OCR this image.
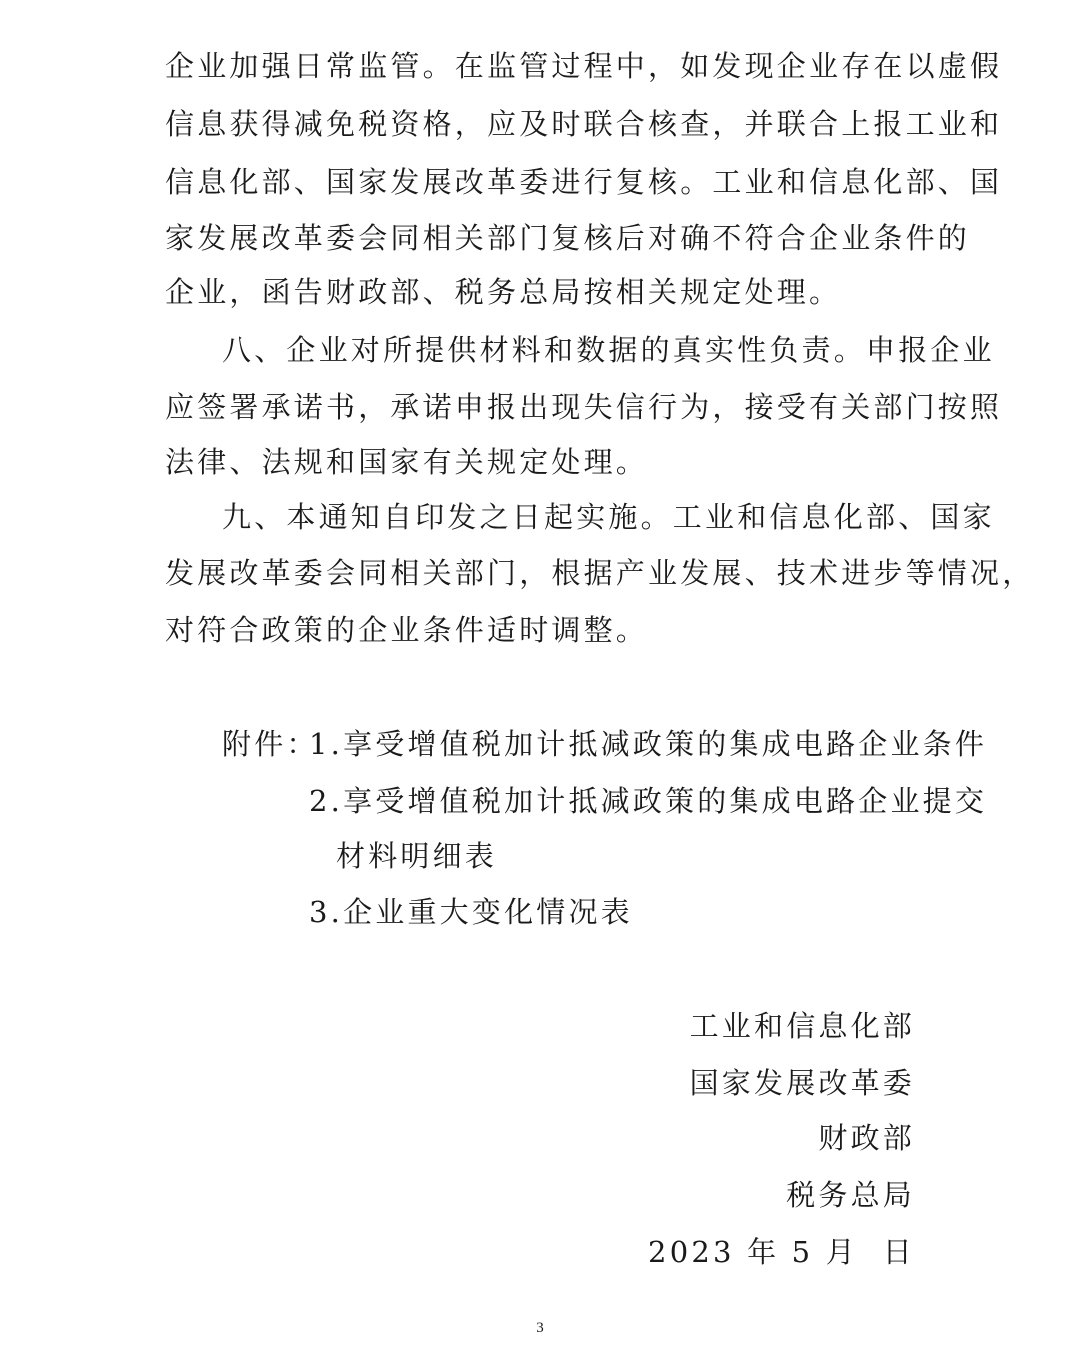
企业加强日常监管。在监管过程中，如发现企业存在以虚假
信息获得减免税资格，应及时联合核查，并联合上报工业和
信息化部、国家发展改革委进行复核。工业和信息化部、国
家发展改革委会同相关部门复核后对确不符合企业条件的
企业，函告财政部、税务总局按相关规定处理。
八、企业对所提供材料和数据的真实性负责。申报企业
应签署承诺书，承诺申报出现失信行为，接受有关部门按照
法律、法规和国家有关规定处理。
九、本通知自印发之日起实施。工业和信息化部、国家
发展改革委会同相关部门，根据产业发展、技术进步等情况，
对符合政策的企业条件适时调整。
附件：
1.享受增值税加计抵减政策的集成电路企业条件
2.享受增值税加计抵减政策的集成电路企业提交
材料明细表
3.企业重大变化情况表
工业和信息化部
国家发展改革委
财政部
税务总局
2023 年 5 月  日
3
